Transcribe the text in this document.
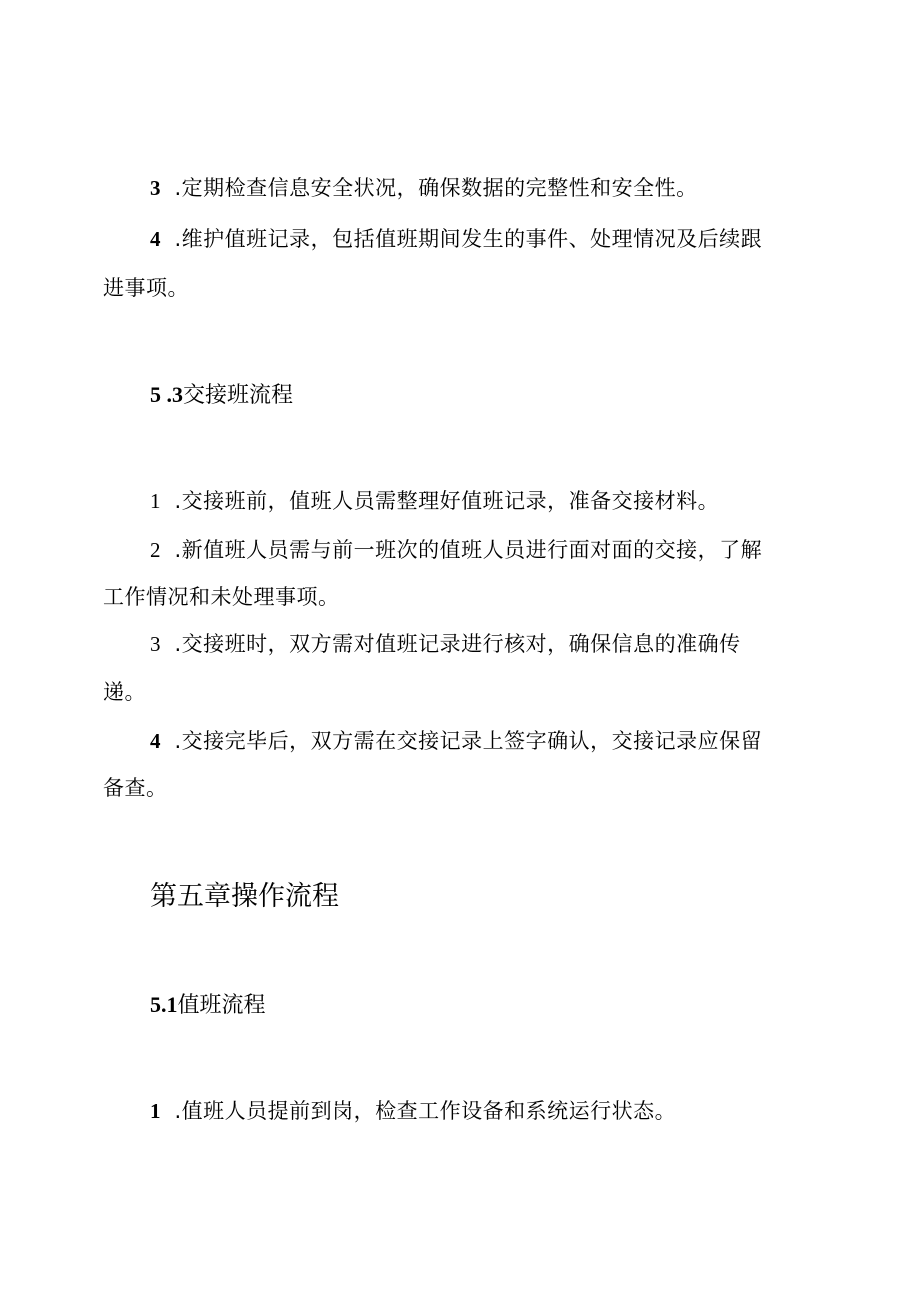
3 .定期检查信息安全状况，确保数据的完整性和安全性。
4 .维护值班记录，包括值班期间发生的事件、处理情况及后续跟
进事项。
5 .3交接班流程
1 .交接班前，值班人员需整理好值班记录，准备交接材料。
2 .新值班人员需与前一班次的值班人员进行面对面的交接，了解
工作情况和未处理事项。
3 .交接班时，双方需对值班记录进行核对，确保信息的准确传
递。
4 .交接完毕后，双方需在交接记录上签字确认，交接记录应保留
备查。
第五章操作流程
5.1值班流程
1 .值班人员提前到岗，检查工作设备和系统运行状态。
